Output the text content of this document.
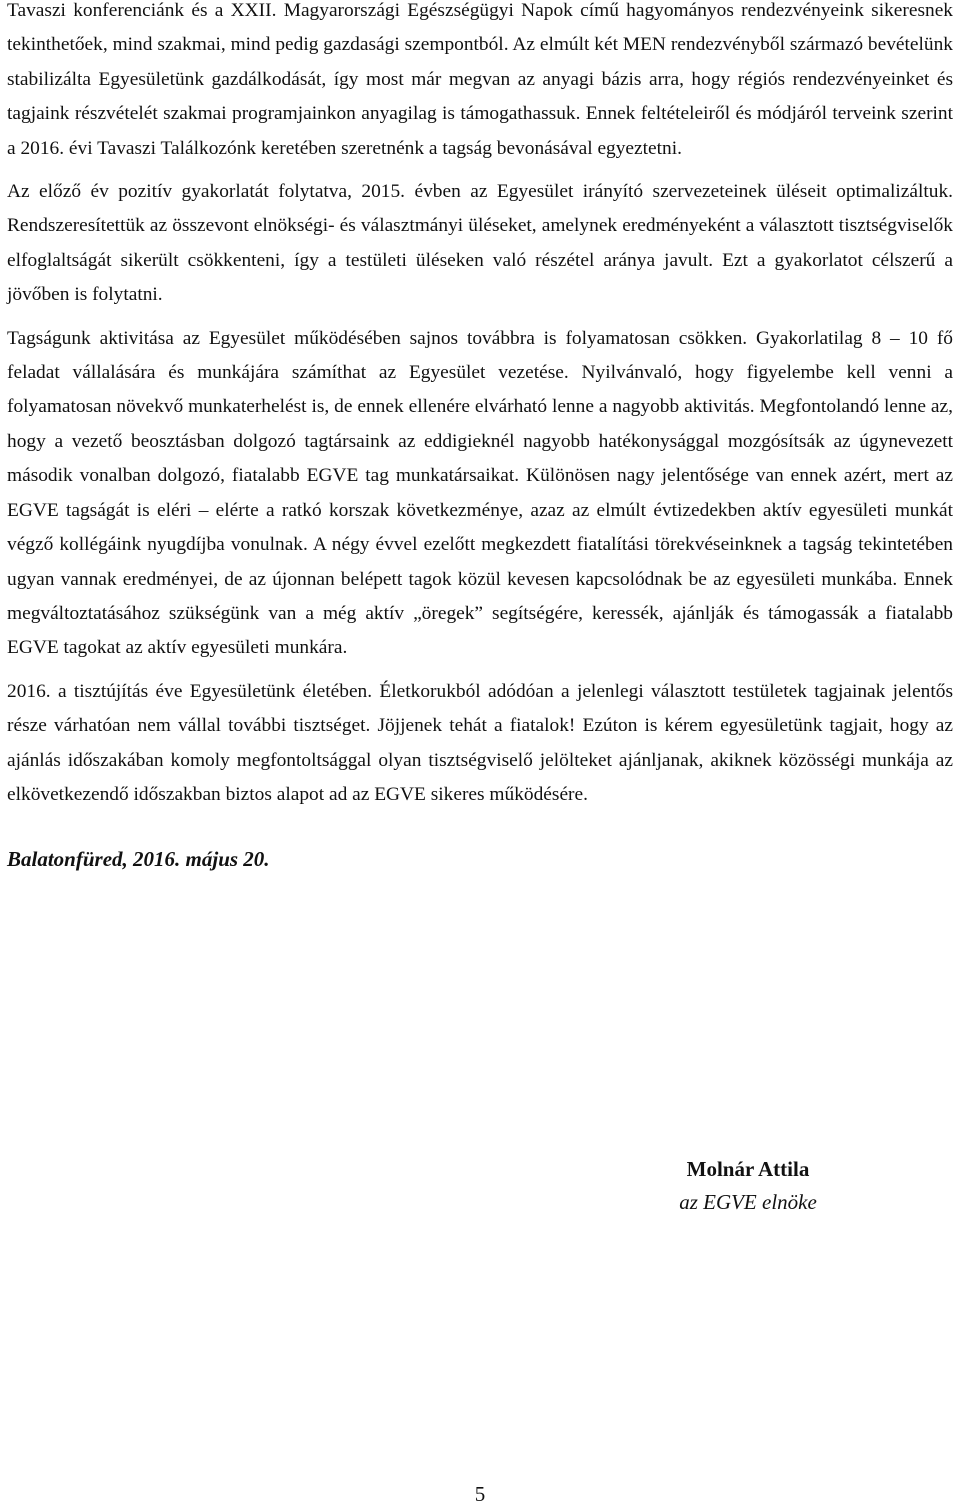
Tavaszi konferenciánk és a XXII. Magyarországi Egészségügyi Napok című hagyományos rendezvényeink sikeresnek tekinthetőek, mind szakmai, mind pedig gazdasági szempontból. Az elmúlt két MEN rendezvényből származó bevételünk stabilizálta Egyesületünk gazdálkodását, így most már megvan az anyagi bázis arra, hogy régiós rendezvényeinket és tagjaink részvételét szakmai programjainkon anyagilag is támogathassuk. Ennek feltételeiről és módjáról terveink szerint a 2016. évi Tavaszi Találkozónk keretében szeretnénk a tagság bevonásával egyeztetni.

Az előző év pozitív gyakorlatát folytatva, 2015. évben az Egyesület irányító szervezeteinek üléseit optimalizáltuk. Rendszeresítettük az összevont elnökségi- és választmányi üléseket, amelynek eredményeként a választott tisztségviselők elfoglaltságát sikerült csökkenteni, így a testületi üléseken való részétel aránya javult. Ezt a gyakorlatot célszerű a jövőben is folytatni.

Tagságunk aktivitása az Egyesület működésében sajnos továbbra is folyamatosan csökken. Gyakorlatilag 8 – 10 fő feladat vállalására és munkájára számíthat az Egyesület vezetése. Nyilvánvaló, hogy figyelembe kell venni a folyamatosan növekvő munkaterhelést is, de ennek ellenére elvárható lenne a nagyobb aktivitás. Megfontolandó lenne az, hogy a vezető beosztásban dolgozó tagtársaink az eddigieknél nagyobb hatékonysággal mozgósítsák az úgynevezett második vonalban dolgozó, fiatalabb EGVE tag munkatársaikat. Különösen nagy jelentősége van ennek azért, mert az EGVE tagságát is eléri – elérte a ratkó korszak következménye, azaz az elmúlt évtizedekben aktív egyesületi munkát végző kollégáink nyugdíjba vonulnak. A négy évvel ezelőtt megkezdett fiatalítási törekvéseinknek a tagság tekintetében ugyan vannak eredményei, de az újonnan belépett tagok közül kevesen kapcsolódnak be az egyesületi munkába. Ennek megváltoztatásához szükségünk van a még aktív „öregek” segítségére, keressék, ajánlják és támogassák a fiatalabb EGVE tagokat az aktív egyesületi munkára.

2016. a tisztújítás éve Egyesületünk életében. Életkorukból adódóan a jelenlegi választott testületek tagjainak jelentős része várhatóan nem vállal további tisztséget. Jöjjenek tehát a fiatalok! Ezúton is kérem egyesületünk tagjait, hogy az ajánlás időszakában komoly megfontoltsággal olyan tisztségviselő jelölteket ajánljanak, akiknek közösségi munkája az elkövetkezendő időszakban biztos alapot ad az EGVE sikeres működésére.

Balatonfüred, 2016. május 20.

Molnár Attila
az EGVE elnöke
5
